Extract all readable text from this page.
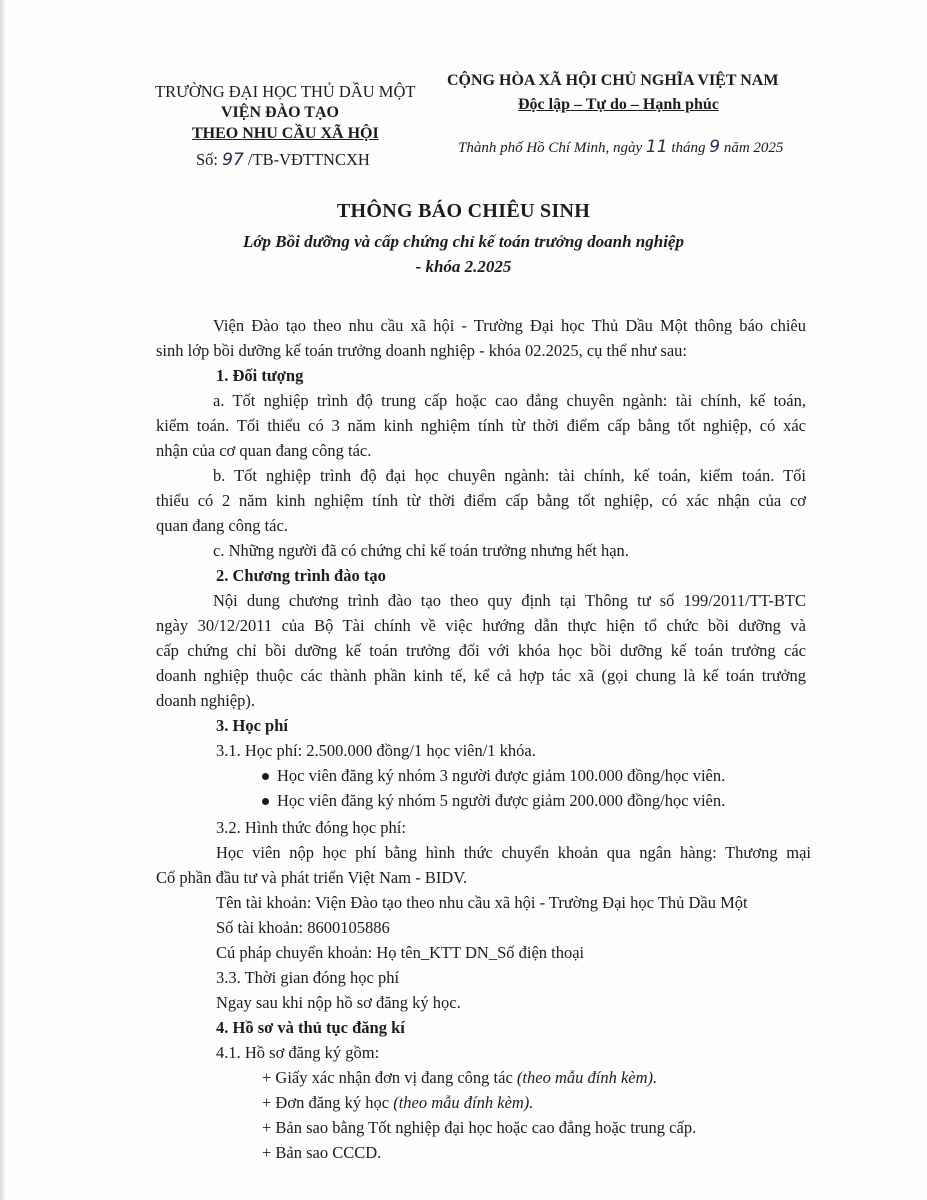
TRƯỜNG ĐẠI HỌC THỦ DẦU MỘT
VIỆN ĐÀO TẠO
THEO NHU CẦU XÃ HỘI
Số: 97 /TB-VĐTTNCXH
CỘNG HÒA XÃ HỘI CHỦ NGHĨA VIỆT NAM
Độc lập – Tự do – Hạnh phúc
Thành phố Hồ Chí Minh, ngày 11 tháng 9 năm 2025
THÔNG BÁO CHIÊU SINH
Lớp Bồi dưỡng và cấp chứng chỉ kế toán trưởng doanh nghiệp
- khóa 2.2025
Viện Đào tạo theo nhu cầu xã hội - Trường Đại học Thủ Dầu Một thông báo chiêu
sinh lớp bồi dưỡng kế toán trưởng doanh nghiệp - khóa 02.2025, cụ thể như sau:
1. Đối tượng
a. Tốt nghiệp trình độ trung cấp hoặc cao đẳng chuyên ngành: tài chính, kế toán,
kiểm toán. Tối thiểu có 3 năm kinh nghiệm tính từ thời điểm cấp bằng tốt nghiệp, có xác
nhận của cơ quan đang công tác.
b. Tốt nghiệp trình độ đại học chuyên ngành: tài chính, kế toán, kiểm toán. Tối
thiểu có 2 năm kinh nghiệm tính từ thời điểm cấp bằng tốt nghiệp, có xác nhận của cơ
quan đang công tác.
c. Những người đã có chứng chỉ kế toán trưởng nhưng hết hạn.
2. Chương trình đào tạo
Nội dung chương trình đào tạo theo quy định tại Thông tư số 199/2011/TT-BTC
ngày 30/12/2011 của Bộ Tài chính về việc hướng dẫn thực hiện tổ chức bồi dưỡng và
cấp chứng chỉ bồi dưỡng kế toán trưởng đối với khóa học bồi dưỡng kế toán trưởng các
doanh nghiệp thuộc các thành phần kinh tế, kể cả hợp tác xã (gọi chung là kế toán trưởng
doanh nghiệp).
3. Học phí
3.1. Học phí: 2.500.000 đồng/1 học viên/1 khóa.
Học viên đăng ký nhóm 3 người được giảm 100.000 đồng/học viên.
Học viên đăng ký nhóm 5 người được giảm 200.000 đồng/học viên.
3.2. Hình thức đóng học phí:
Học viên nộp học phí bằng hình thức chuyển khoản qua ngân hàng: Thương mại
Cổ phần đầu tư và phát triển Việt Nam - BIDV.
Tên tài khoản: Viện Đào tạo theo nhu cầu xã hội - Trường Đại học Thủ Dầu Một
Số tài khoản: 8600105886
Cú pháp chuyển khoản: Họ tên_KTT DN_Số điện thoại
3.3. Thời gian đóng học phí
Ngay sau khi nộp hồ sơ đăng ký học.
4. Hồ sơ và thủ tục đăng kí
4.1. Hồ sơ đăng ký gồm:
+ Giấy xác nhận đơn vị đang công tác (theo mẫu đính kèm).
+ Đơn đăng ký học (theo mẫu đính kèm).
+ Bản sao bằng Tốt nghiệp đại học hoặc cao đẳng hoặc trung cấp.
+ Bản sao CCCD.
